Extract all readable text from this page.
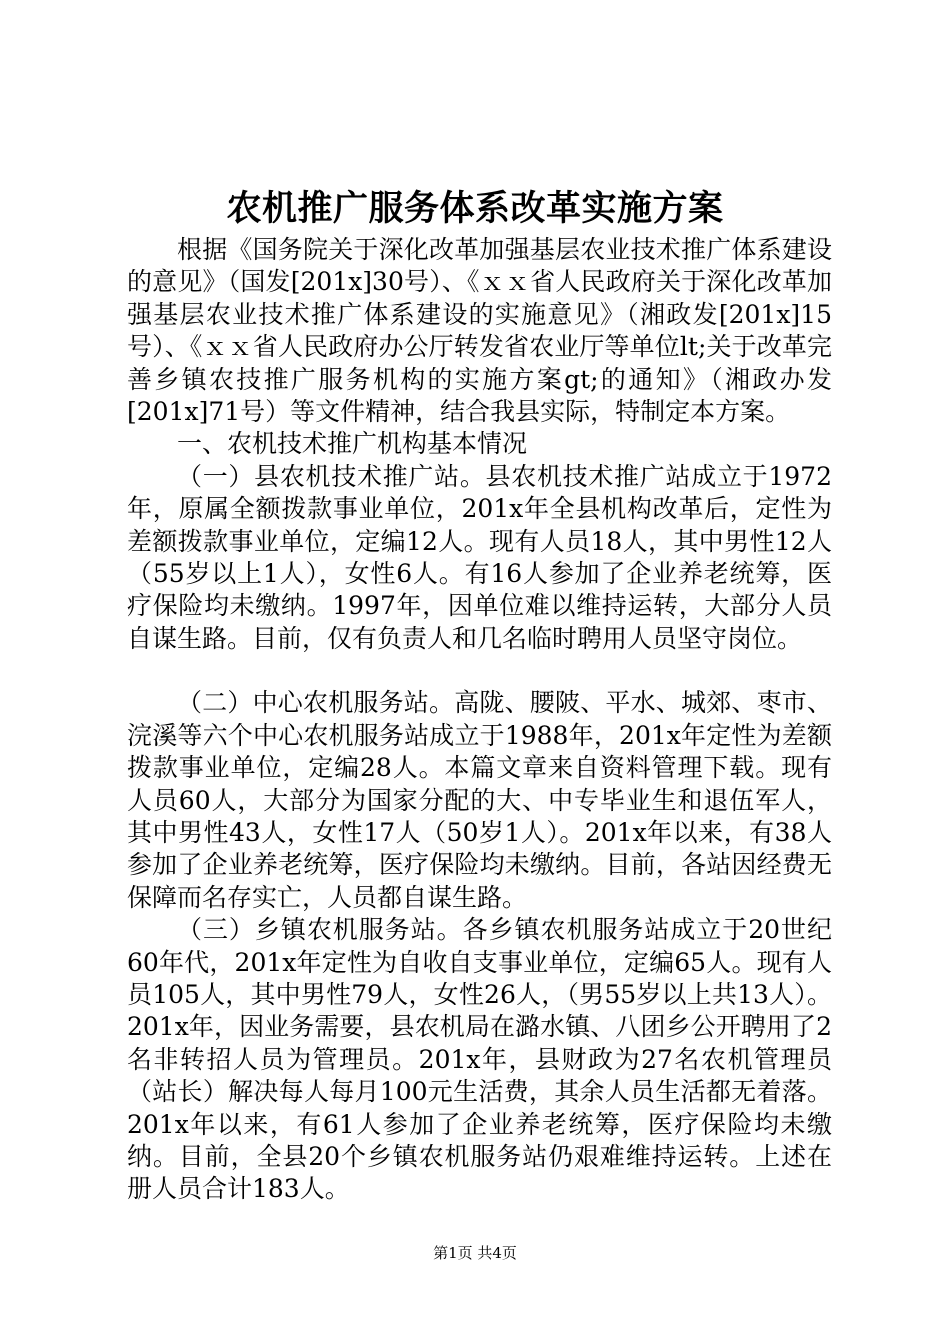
农机推广服务体系改革实施方案

根据《国务院关于深化改革加强基层农业技术推广体系建设的意见》（国发[201x]30号）、《ｘｘ省人民政府关于深化改革加强基层农业技术推广体系建设的实施意见》（湘政发[201x]15号）、《ｘｘ省人民政府办公厅转发省农业厅等单位lt;关于改革完善乡镇农技推广服务机构的实施方案gt;的通知》（湘政办发[201x]71号）等文件精神，结合我县实际，特制定本方案。

一、农机技术推广机构基本情况

（一）县农机技术推广站。县农机技术推广站成立于1972年，原属全额拨款事业单位，201x年全县机构改革后，定性为差额拨款事业单位，定编12人。现有人员18人，其中男性12人（55岁以上1人），女性6人。有16人参加了企业养老统筹，医疗保险均未缴纳。1997年，因单位难以维持运转，大部分人员自谋生路。目前，仅有负责人和几名临时聘用人员坚守岗位。

（二）中心农机服务站。高陇、腰陂、平水、城郊、枣市、浣溪等六个中心农机服务站成立于1988年，201x年定性为差额拨款事业单位，定编28人。本篇文章来自资料管理下载。现有人员60人，大部分为国家分配的大、中专毕业生和退伍军人，其中男性43人，女性17人（50岁1人）。201x年以来，有38人参加了企业养老统筹，医疗保险均未缴纳。目前，各站因经费无保障而名存实亡，人员都自谋生路。

（三）乡镇农机服务站。各乡镇农机服务站成立于20世纪60年代，201x年定性为自收自支事业单位，定编65人。现有人员105人，其中男性79人，女性26人，（男55岁以上共13人）。201x年，因业务需要，县农机局在潞水镇、八团乡公开聘用了2名非转招人员为管理员。201x年，县财政为27名农机管理员（站长）解决每人每月100元生活费，其余人员生活都无着落。201x年以来，有61人参加了企业养老统筹，医疗保险均未缴纳。目前，全县20个乡镇农机服务站仍艰难维持运转。上述在册人员合计183人。

第1页 共4页
